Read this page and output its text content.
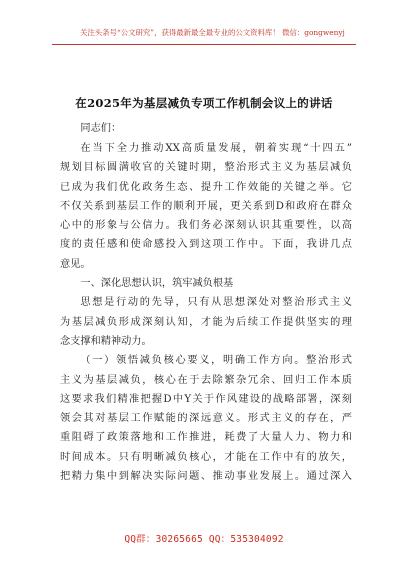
关注头条号“公文研究”，获得最新最全最专业的公文资料库！ 微信：gongwenyj
在2025年为基层减负专项工作机制会议上的讲话
同志们：
在当下全力推动XX高质量发展，朝着实现“十四五”
规划目标圆满收官的关键时期，整治形式主义为基层减负
已成为我们优化政务生态、提升工作效能的关键之举。它
不仅关系到基层工作的顺利开展，更关系到D和政府在群众
心中的形象与公信力。我们务必深刻认识其重要性，以高
度的责任感和使命感投入到这项工作中。下面，我讲几点
意见。
一、深化思想认识，筑牢减负根基
思想是行动的先导，只有从思想深处对整治形式主义
为基层减负形成深刻认知，才能为后续工作提供坚实的理
念支撑和精神动力。
（一）领悟减负核心要义，明确工作方向。整治形式
主义为基层减负，核心在于去除繁杂冗余、回归工作本质
这要求我们精准把握D中Y关于作风建设的战略部署，深刻
领会其对基层工作赋能的深远意义。形式主义的存在，严
重阻碍了政策落地和工作推进，耗费了大量人力、物力和
时间成本。只有明晰减负核心，才能在工作中有的放矢，
把精力集中到解决实际问题、推动事业发展上。通过深入
QQ群：30265665 QQ：535304092
